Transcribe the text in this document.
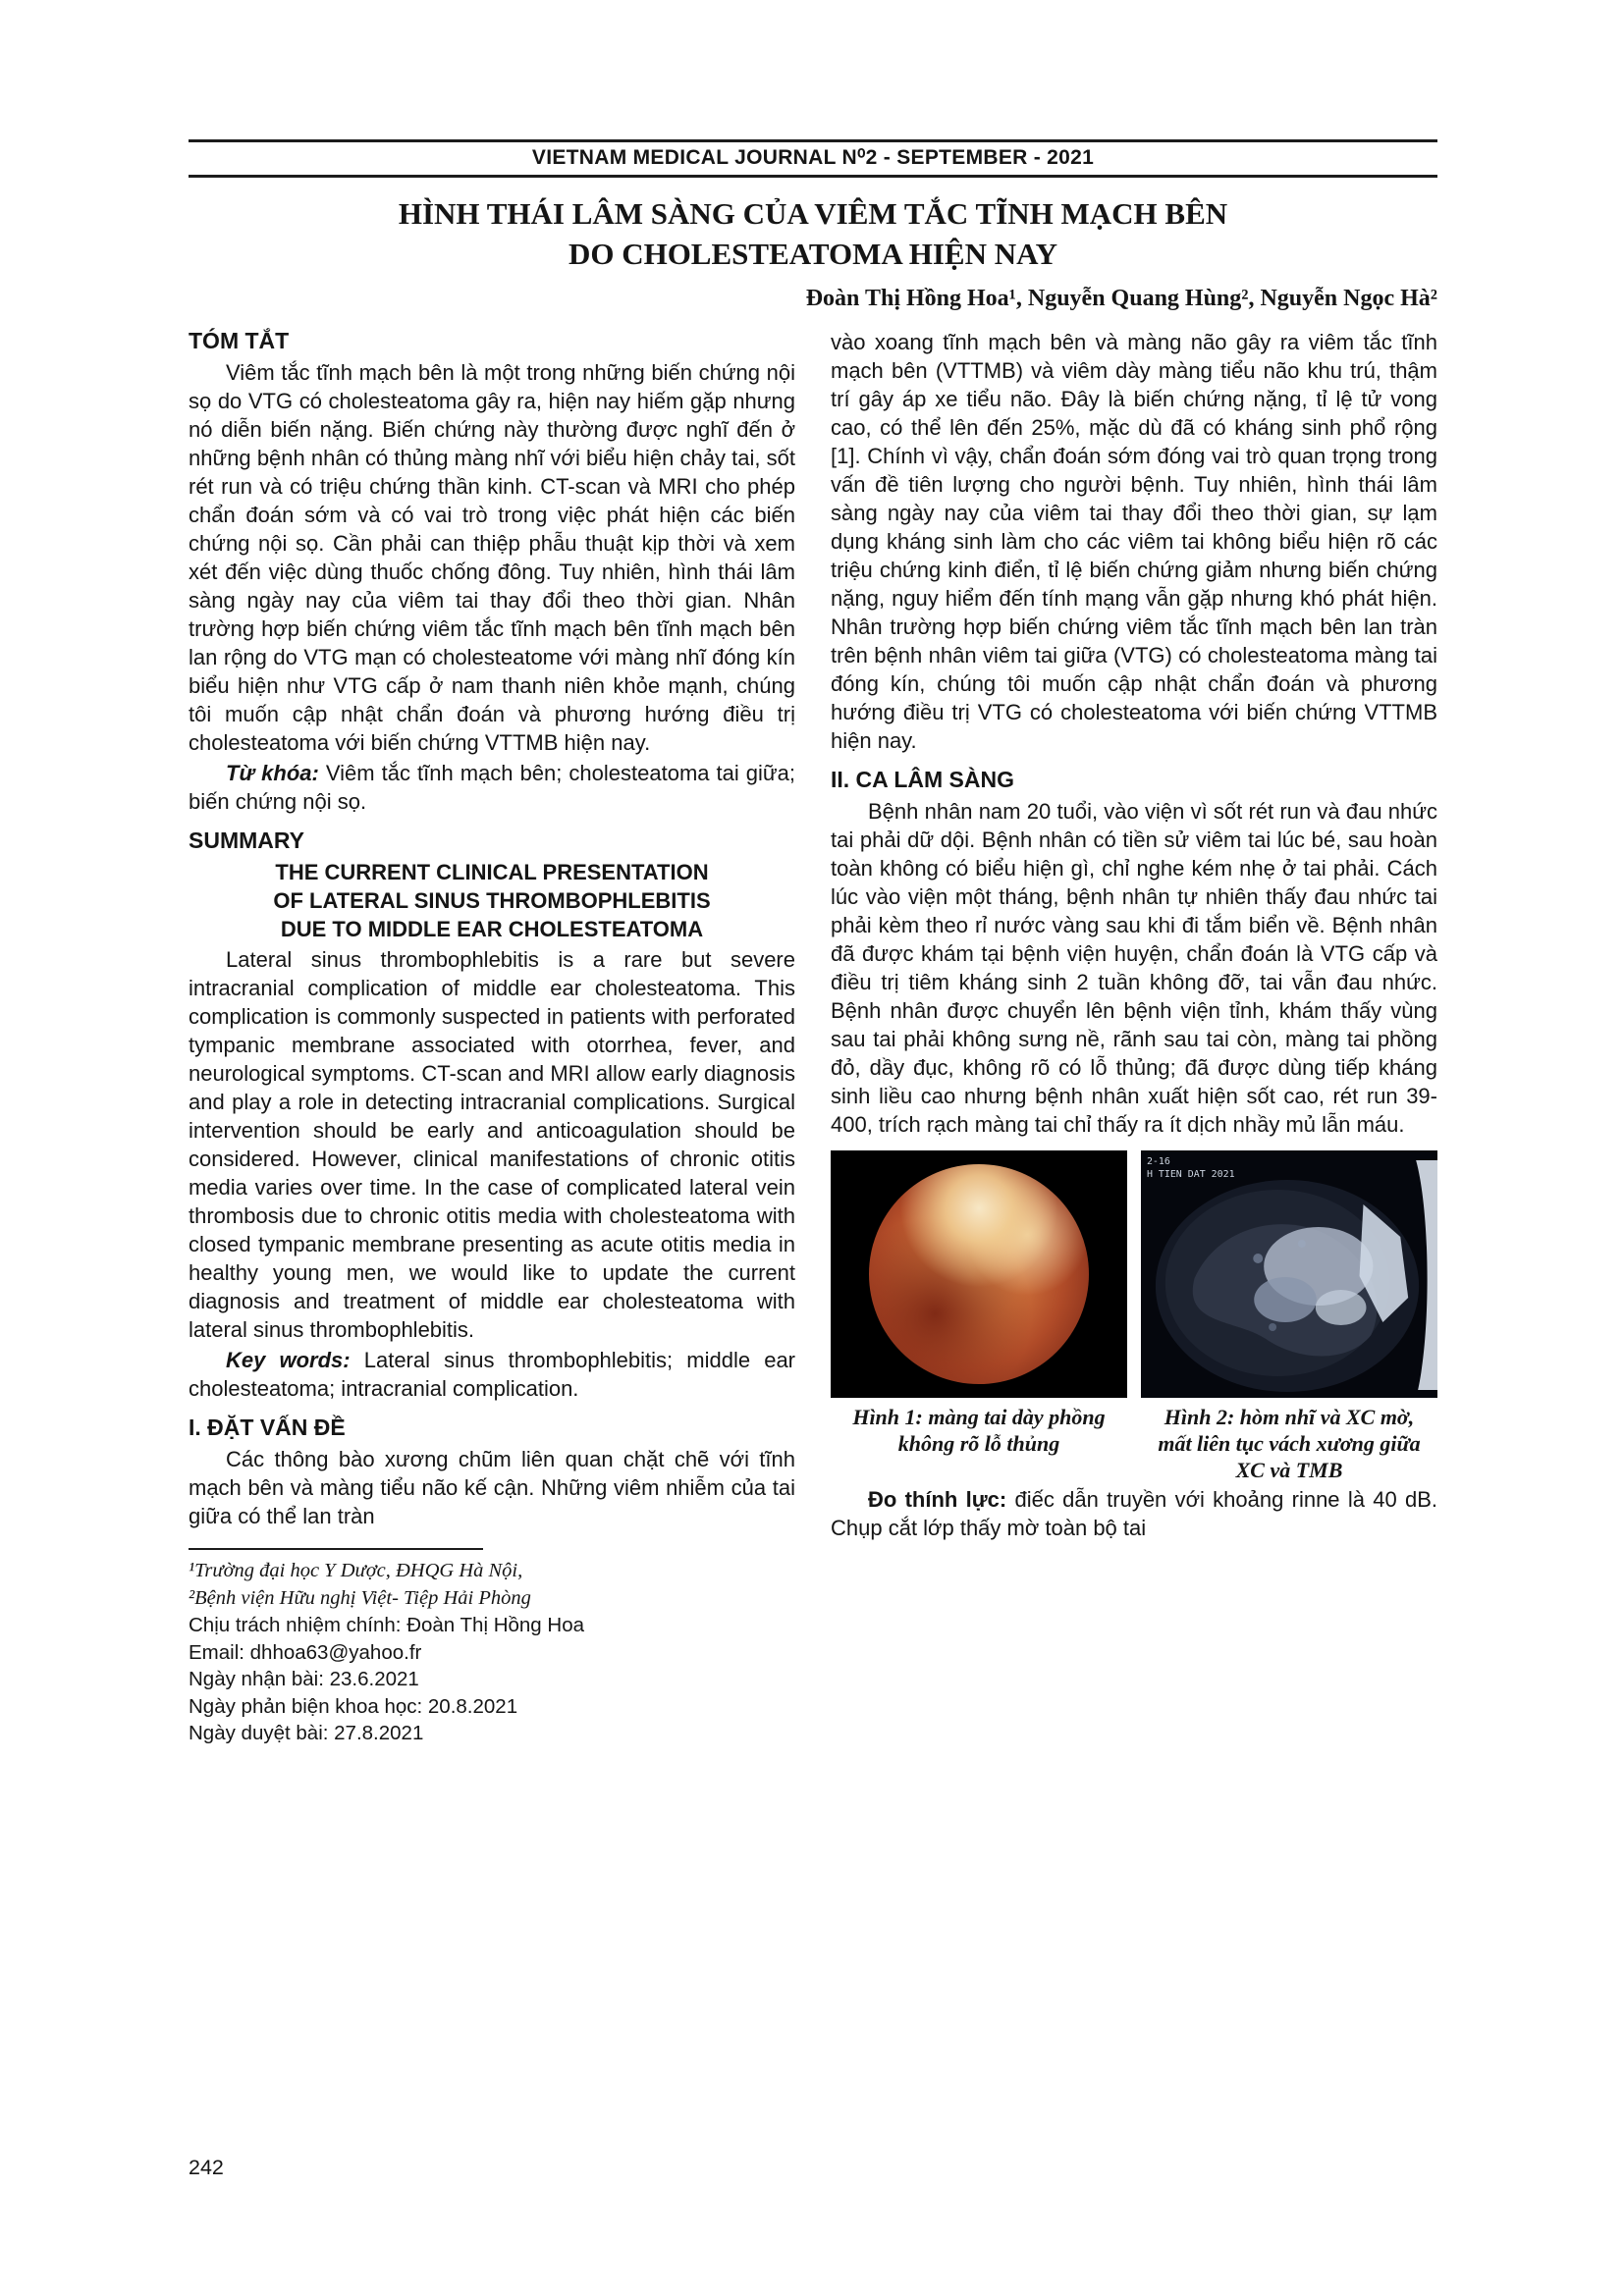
VIETNAM MEDICAL JOURNAL N⁰2 - SEPTEMBER - 2021
HÌNH THÁI LÂM SÀNG CỦA VIÊM TẮC TĨNH MẠCH BÊN
DO CHOLESTEATOMA HIỆN NAY
Đoàn Thị Hồng Hoa¹, Nguyễn Quang Hùng², Nguyễn Ngọc Hà²
TÓM TẮT

Viêm tắc tĩnh mạch bên là một trong những biến chứng nội sọ do VTG có cholesteatoma gây ra, hiện nay hiếm gặp nhưng nó diễn biến nặng. Biến chứng này thường được nghĩ đến ở những bệnh nhân có thủng màng nhĩ với biểu hiện chảy tai, sốt rét run và có triệu chứng thần kinh. CT-scan và MRI cho phép chẩn đoán sớm và có vai trò trong việc phát hiện các biến chứng nội sọ. Cần phải can thiệp phẫu thuật kịp thời và xem xét đến việc dùng thuốc chống đông. Tuy nhiên, hình thái lâm sàng ngày nay của viêm tai thay đổi theo thời gian. Nhân trường hợp biến chứng viêm tắc tĩnh mạch bên tĩnh mạch bên lan rộng do VTG mạn có cholesteatome với màng nhĩ đóng kín biểu hiện như VTG cấp ở nam thanh niên khỏe mạnh, chúng tôi muốn cập nhật chẩn đoán và phương hướng điều trị cholesteatoma với biến chứng VTTMB hiện nay.

Từ khóa: Viêm tắc tĩnh mạch bên; cholesteatoma tai giữa; biến chứng nội sọ.

SUMMARY
THE CURRENT CLINICAL PRESENTATION
OF LATERAL SINUS THROMBOPHLEBITIS
DUE TO MIDDLE EAR CHOLESTEATOMA

Lateral sinus thrombophlebitis is a rare but severe intracranial complication of middle ear cholesteatoma. This complication is commonly suspected in patients with perforated tympanic membrane associated with otorrhea, fever, and neurological symptoms. CT-scan and MRI allow early diagnosis and play a role in detecting intracranial complications. Surgical intervention should be early and anticoagulation should be considered. However, clinical manifestations of chronic otitis media varies over time. In the case of complicated lateral vein thrombosis due to chronic otitis media with cholesteatoma with closed tympanic membrane presenting as acute otitis media in healthy young men, we would like to update the current diagnosis and treatment of middle ear cholesteatoma with lateral sinus thrombophlebitis.

Key words: Lateral sinus thrombophlebitis; middle ear cholesteatoma; intracranial complication.

I. ĐẶT VẤN ĐỀ

Các thông bào xương chũm liên quan chặt chẽ với tĩnh mạch bên và màng tiểu não kế cận. Những viêm nhiễm của tai giữa có thể lan tràn

¹Trường đại học Y Dược, ĐHQG Hà Nội,
²Bệnh viện Hữu nghị Việt- Tiệp Hải Phòng
Chịu trách nhiệm chính: Đoàn Thị Hồng Hoa
Email: dhhoa63@yahoo.fr
Ngày nhận bài: 23.6.2021
Ngày phản biện khoa học: 20.8.2021
Ngày duyệt bài: 27.8.2021

vào xoang tĩnh mạch bên và màng não gây ra viêm tắc tĩnh mạch bên (VTTMB) và viêm dày màng tiểu não khu trú, thậm trí gây áp xe tiểu não. Đây là biến chứng nặng, tỉ lệ tử vong cao, có thể lên đến 25%, mặc dù đã có kháng sinh phổ rộng [1]. Chính vì vậy, chẩn đoán sớm đóng vai trò quan trọng trong vấn đề tiên lượng cho người bệnh. Tuy nhiên, hình thái lâm sàng ngày nay của viêm tai thay đổi theo thời gian, sự lạm dụng kháng sinh làm cho các viêm tai không biểu hiện rõ các triệu chứng kinh điển, tỉ lệ biến chứng giảm nhưng biến chứng nặng, nguy hiểm đến tính mạng vẫn gặp nhưng khó phát hiện. Nhân trường hợp biến chứng viêm tắc tĩnh mạch bên lan tràn trên bệnh nhân viêm tai giữa (VTG) có cholesteatoma màng tai đóng kín, chúng tôi muốn cập nhật chẩn đoán và phương hướng điều trị VTG có cholesteatoma với biến chứng VTTMB hiện nay.

II. CA LÂM SÀNG

Bệnh nhân nam 20 tuổi, vào viện vì sốt rét run và đau nhức tai phải dữ dội. Bệnh nhân có tiền sử viêm tai lúc bé, sau hoàn toàn không có biểu hiện gì, chỉ nghe kém nhẹ ở tai phải. Cách lúc vào viện một tháng, bệnh nhân tự nhiên thấy đau nhức tai phải kèm theo rỉ nước vàng sau khi đi tắm biển về. Bệnh nhân đã được khám tại bệnh viện huyện, chẩn đoán là VTG cấp và điều trị tiêm kháng sinh 2 tuần không đỡ, tai vẫn đau nhức. Bệnh nhân được chuyển lên bệnh viện tỉnh, khám thấy vùng sau tai phải không sưng nề, rãnh sau tai còn, màng tai phồng đỏ, dầy đục, không rõ có lỗ thủng; đã được dùng tiếp kháng sinh liều cao nhưng bệnh nhân xuất hiện sốt cao, rét run 39-400, trích rạch màng tai chỉ thấy ra ít dịch nhầy mủ lẫn máu.

Hình 1: màng tai dày phồng không rõ lỗ thủng
2-16
H TIEN DAT 2021
Hình 2: hòm nhĩ và XC mờ, mất liên tục vách xương giữa XC và TMB

Đo thính lực: điếc dẫn truyền với khoảng rinne là 40 dB. Chụp cắt lớp thấy mờ toàn bộ tai

242
